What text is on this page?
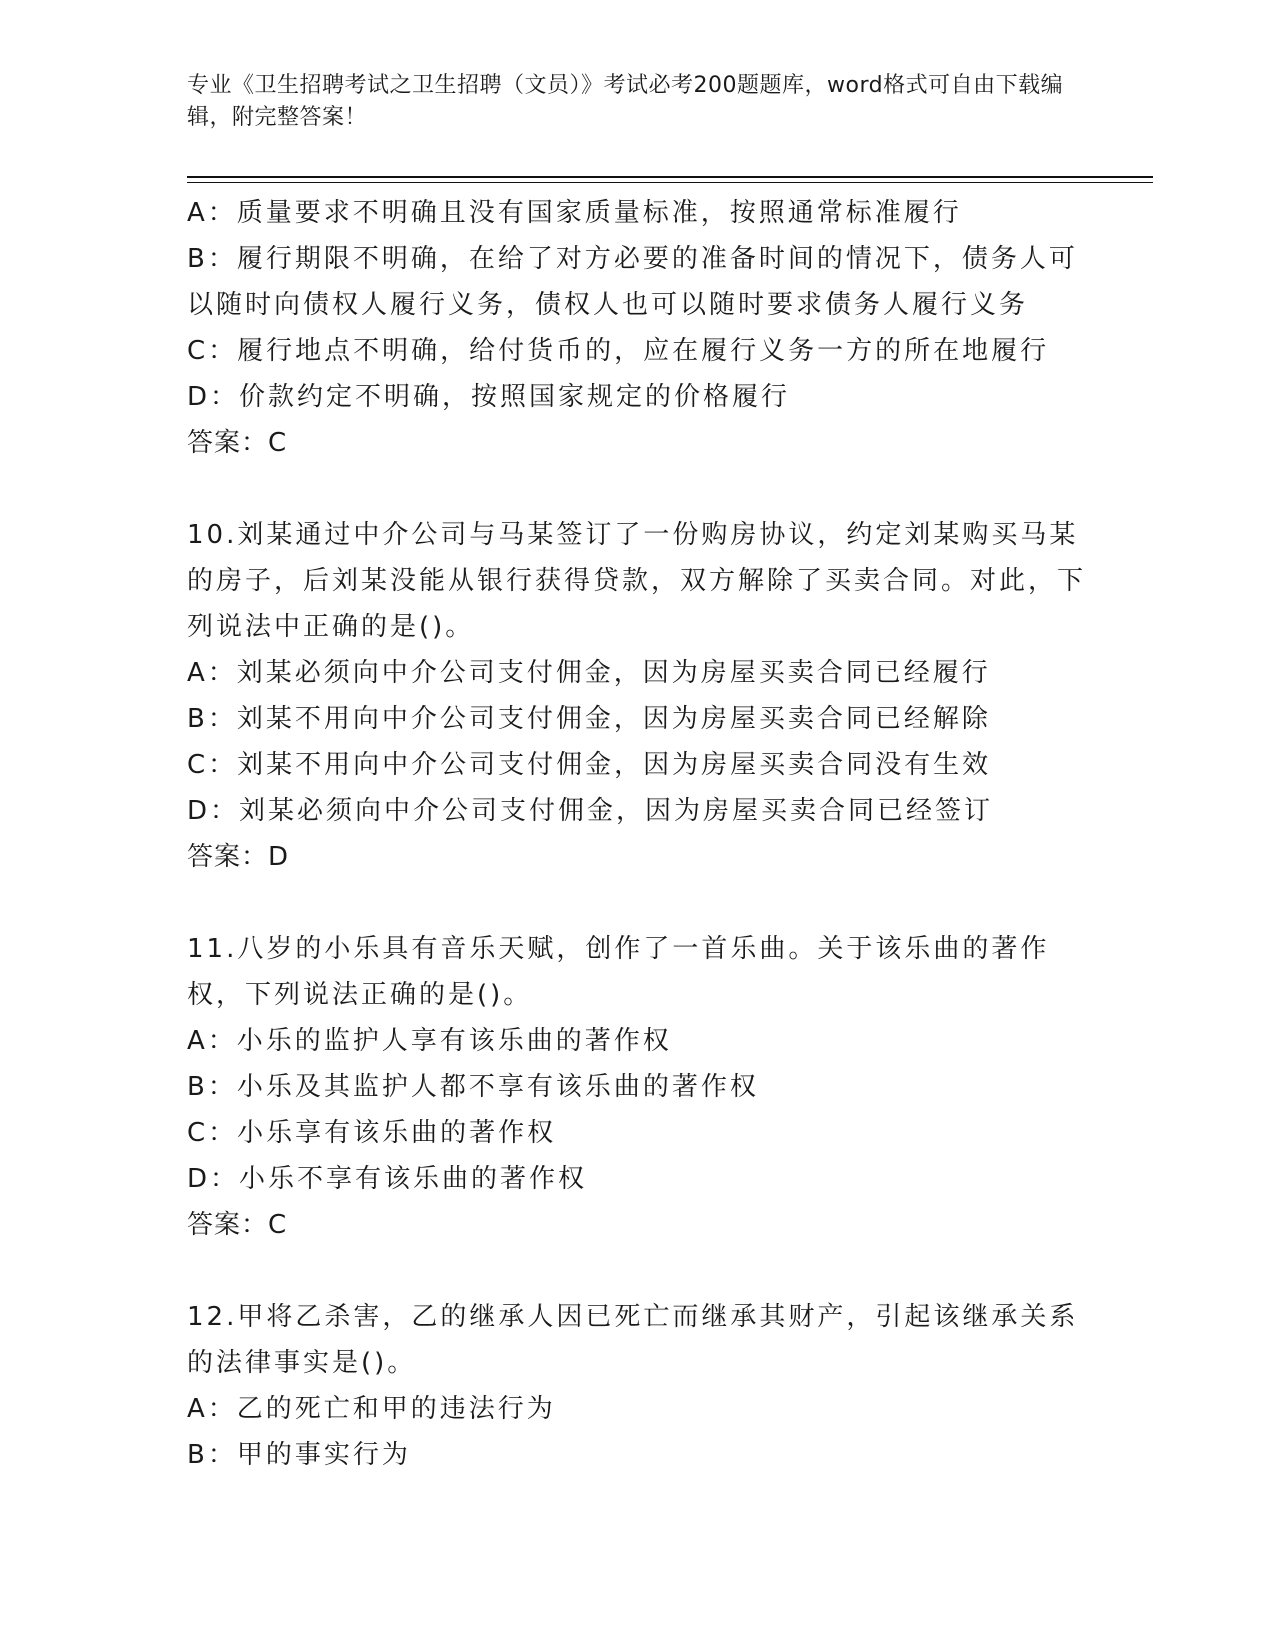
专业《卫生招聘考试之卫生招聘（文员）》考试必考200题题库，word格式可自由下载编辑，附完整答案！

A：质量要求不明确且没有国家质量标准，按照通常标准履行

B：履行期限不明确，在给了对方必要的准备时间的情况下，债务人可以随时向债权人履行义务，债权人也可以随时要求债务人履行义务

C：履行地点不明确，给付货币的，应在履行义务一方的所在地履行

D：价款约定不明确，按照国家规定的价格履行

答案：C

10.刘某通过中介公司与马某签订了一份购房协议，约定刘某购买马某的房子，后刘某没能从银行获得贷款，双方解除了买卖合同。对此，下列说法中正确的是()。

A：刘某必须向中介公司支付佣金，因为房屋买卖合同已经履行

B：刘某不用向中介公司支付佣金，因为房屋买卖合同已经解除

C：刘某不用向中介公司支付佣金，因为房屋买卖合同没有生效

D：刘某必须向中介公司支付佣金，因为房屋买卖合同已经签订

答案：D

11.八岁的小乐具有音乐天赋，创作了一首乐曲。关于该乐曲的著作权，下列说法正确的是()。

A：小乐的监护人享有该乐曲的著作权

B：小乐及其监护人都不享有该乐曲的著作权

C：小乐享有该乐曲的著作权

D：小乐不享有该乐曲的著作权

答案：C

12.甲将乙杀害，乙的继承人因已死亡而继承其财产，引起该继承关系的法律事实是()。

A：乙的死亡和甲的违法行为

B：甲的事实行为
